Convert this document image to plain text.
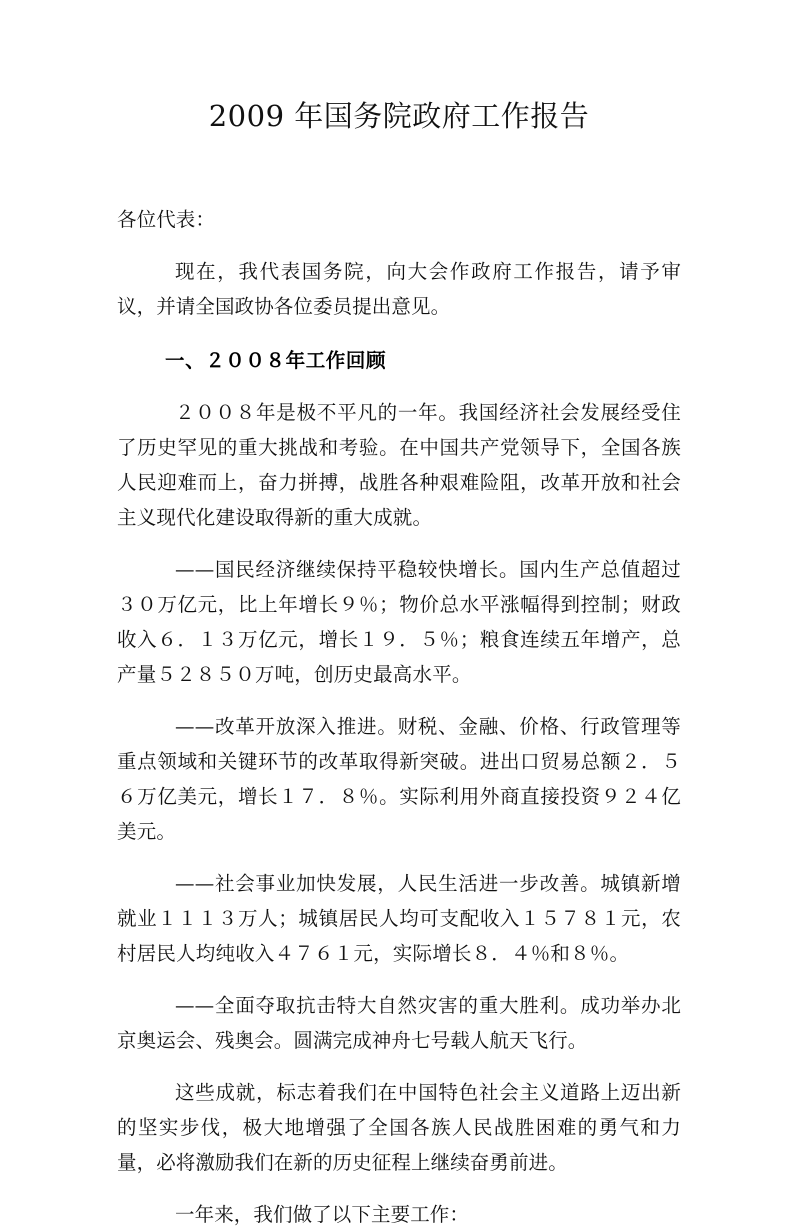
2009 年国务院政府工作报告

各位代表：

现在，我代表国务院，向大会作政府工作报告，请予审议，并请全国政协各位委员提出意见。

一、２００８年工作回顾

２００８年是极不平凡的一年。我国经济社会发展经受住了历史罕见的重大挑战和考验。在中国共产党领导下，全国各族人民迎难而上，奋力拼搏，战胜各种艰难险阻，改革开放和社会主义现代化建设取得新的重大成就。

——国民经济继续保持平稳较快增长。国内生产总值超过３０万亿元，比上年增长９％；物价总水平涨幅得到控制；财政收入６．１３万亿元，增长１９．５％；粮食连续五年增产，总产量５２８５０万吨，创历史最高水平。

——改革开放深入推进。财税、金融、价格、行政管理等重点领域和关键环节的改革取得新突破。进出口贸易总额２．５６万亿美元，增长１７．８％。实际利用外商直接投资９２４亿美元。

——社会事业加快发展，人民生活进一步改善。城镇新增就业１１１３万人；城镇居民人均可支配收入１５７８１元，农村居民人均纯收入４７６１元，实际增长８．４％和８％。

——全面夺取抗击特大自然灾害的重大胜利。成功举办北京奥运会、残奥会。圆满完成神舟七号载人航天飞行。

这些成就，标志着我们在中国特色社会主义道路上迈出新的坚实步伐，极大地增强了全国各族人民战胜困难的勇气和力量，必将激励我们在新的历史征程上继续奋勇前进。

一年来，我们做了以下主要工作：
